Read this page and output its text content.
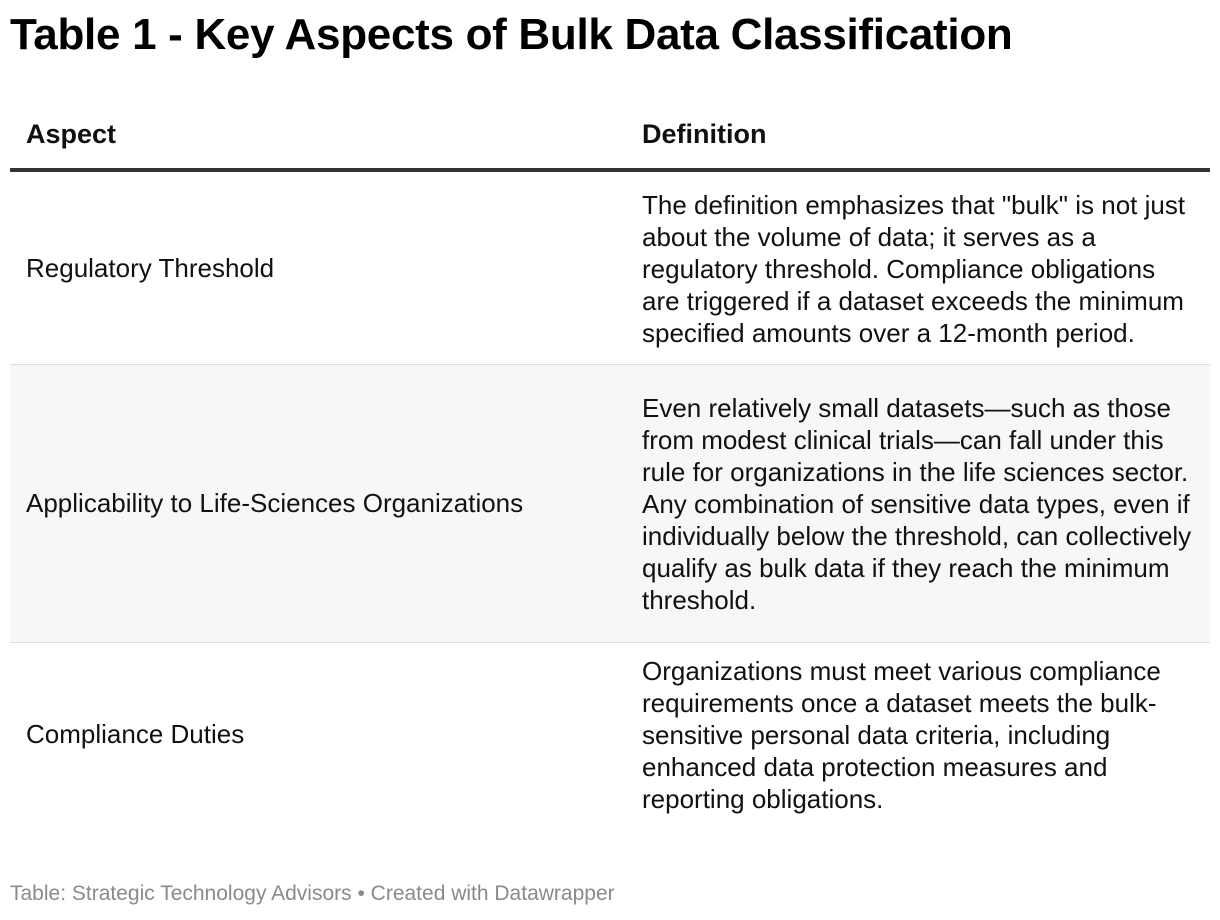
Table 1 - Key Aspects of Bulk Data Classification
Aspect	Definition
Regulatory Threshold	The definition emphasizes that "bulk" is not just about the volume of data; it serves as a regulatory threshold. Compliance obligations are triggered if a dataset exceeds the minimum specified amounts over a 12-month period.
Applicability to Life-Sciences Organizations	Even relatively small datasets—such as those from modest clinical trials—can fall under this rule for organizations in the life sciences sector. Any combination of sensitive data types, even if individually below the threshold, can collectively qualify as bulk data if they reach the minimum threshold.
Compliance Duties	Organizations must meet various compliance requirements once a dataset meets the bulk-sensitive personal data criteria, including enhanced data protection measures and reporting obligations.
Table: Strategic Technology Advisors • Created with Datawrapper
